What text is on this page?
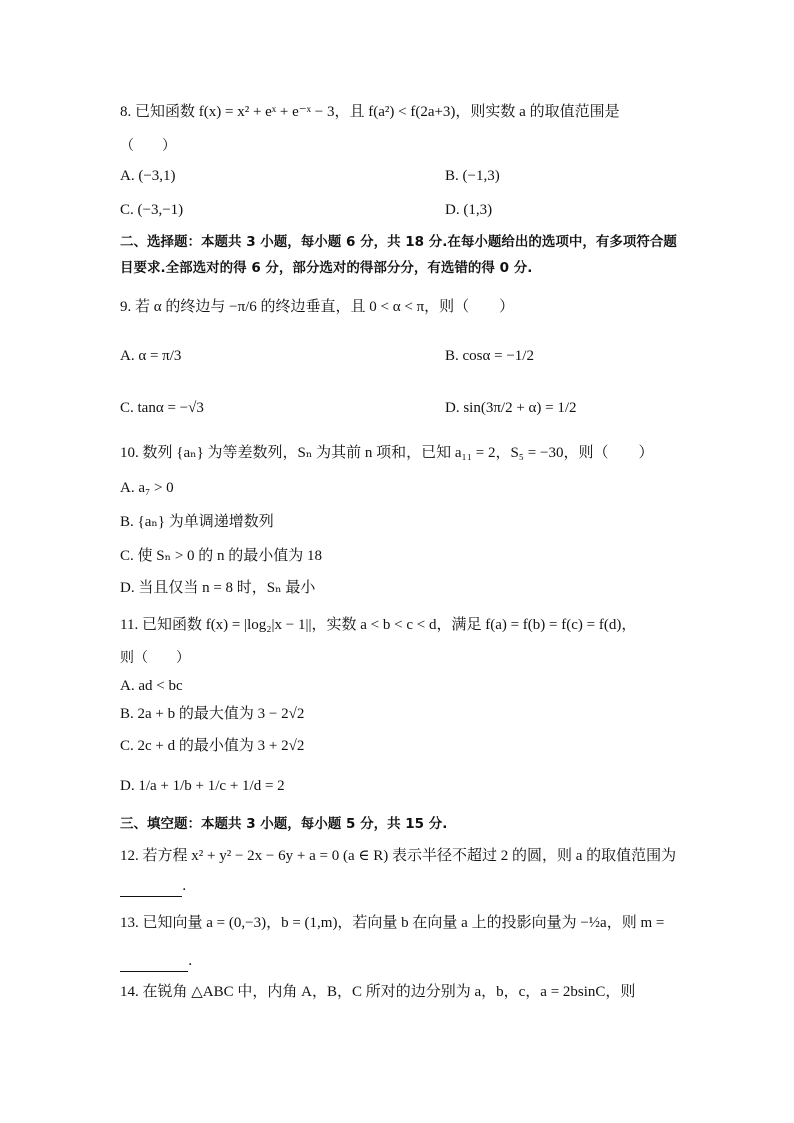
8. 已知函数 f(x) = x² + eˣ + e⁻ˣ − 3，且 f(a²) < f(2a+3)，则实数 a 的取值范围是
（　　）
A. (−3,1)	B. (−1,3)
C. (−3,−1)	D. (1,3)
二、选择题：本题共 3 小题，每小题 6 分，共 18 分.在每小题给出的选项中，有多项符合题
目要求.全部选对的得 6 分，部分选对的得部分分，有选错的得 0 分.
9. 若 α 的终边与 −π/6 的终边垂直，且 0 < α < π，则（　　）
A. α = π/3	B. cosα = −1/2
C. tanα = −√3	D. sin(3π/2 + α) = 1/2
10. 数列 {aₙ} 为等差数列，Sₙ 为其前 n 项和，已知 a₁₁ = 2，S₅ = −30，则（　　）
A. a₇ > 0
B. {aₙ} 为单调递增数列
C. 使 Sₙ > 0 的 n 的最小值为 18
D. 当且仅当 n = 8 时，Sₙ 最小
11. 已知函数 f(x) = |log₂|x − 1||，实数 a < b < c < d，满足 f(a) = f(b) = f(c) = f(d)，
则（　　）
A. ad < bc
B. 2a + b 的最大值为 3 − 2√2
C. 2c + d 的最小值为 3 + 2√2
D. 1/a + 1/b + 1/c + 1/d = 2
三、填空题：本题共 3 小题，每小题 5 分，共 15 分.
12. 若方程 x² + y² − 2x − 6y + a = 0 (a ∈ R) 表示半径不超过 2 的圆，则 a 的取值范围为
.
13. 已知向量 a = (0,−3)，b = (1,m)，若向量 b 在向量 a 上的投影向量为 −½a，则 m =
.
14. 在锐角 △ABC 中，内角 A，B，C 所对的边分别为 a，b，c，a = 2bsinC，则
